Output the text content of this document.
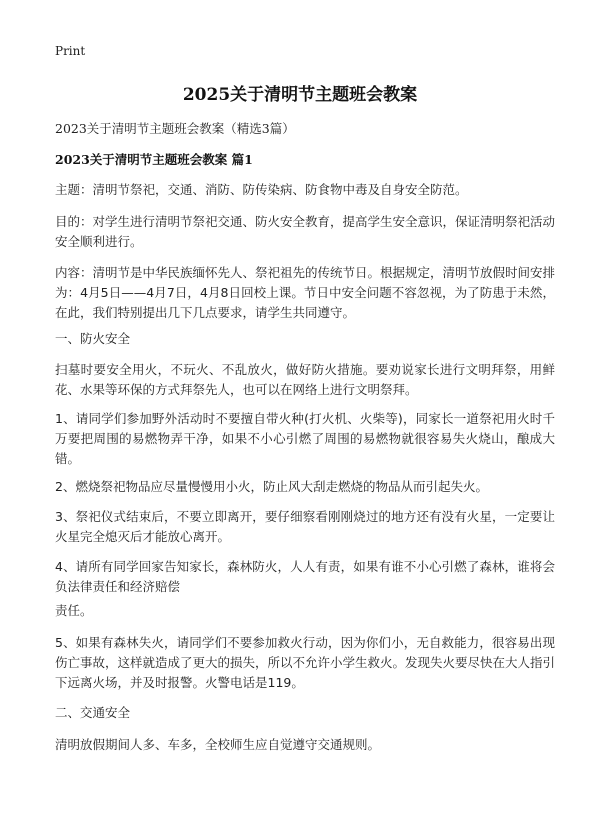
Print
2025关于清明节主题班会教案
2023关于清明节主题班会教案（精选3篇）
2023关于清明节主题班会教案 篇1
主题：清明节祭祀，交通、消防、防传染病、防食物中毒及自身安全防范。
目的：对学生进行清明节祭祀交通、防火安全教育，提高学生安全意识，保证清明祭祀活动安全顺利进行。
内容：清明节是中华民族缅怀先人、祭祀祖先的传统节日。根据规定，清明节放假时间安排为：4月5日——4月7日，4月8日回校上课。节日中安全问题不容忽视，为了防患于未然，在此，我们特别提出几下几点要求，请学生共同遵守。
一、防火安全
扫墓时要安全用火，不玩火、不乱放火，做好防火措施。要劝说家长进行文明拜祭，用鲜花、水果等环保的方式拜祭先人，也可以在网络上进行文明祭拜。
1、请同学们参加野外活动时不要擅自带火种(打火机、火柴等)，同家长一道祭祀用火时千万要把周围的易燃物弄干净，如果不小心引燃了周围的易燃物就很容易失火烧山，酿成大错。
2、燃烧祭祀物品应尽量慢慢用小火，防止风大刮走燃烧的物品从而引起失火。
3、祭祀仪式结束后，不要立即离开，要仔细察看刚刚烧过的地方还有没有火星，一定要让火星完全熄灭后才能放心离开。
4、请所有同学回家告知家长，森林防火，人人有责，如果有谁不小心引燃了森林，谁将会负法律责任和经济赔偿
责任。
5、如果有森林失火，请同学们不要参加救火行动，因为你们小，无自救能力，很容易出现伤亡事故，这样就造成了更大的损失，所以不允许小学生救火。发现失火要尽快在大人指引下远离火场，并及时报警。火警电话是119。
二、交通安全
清明放假期间人多、车多，全校师生应自觉遵守交通规则。
